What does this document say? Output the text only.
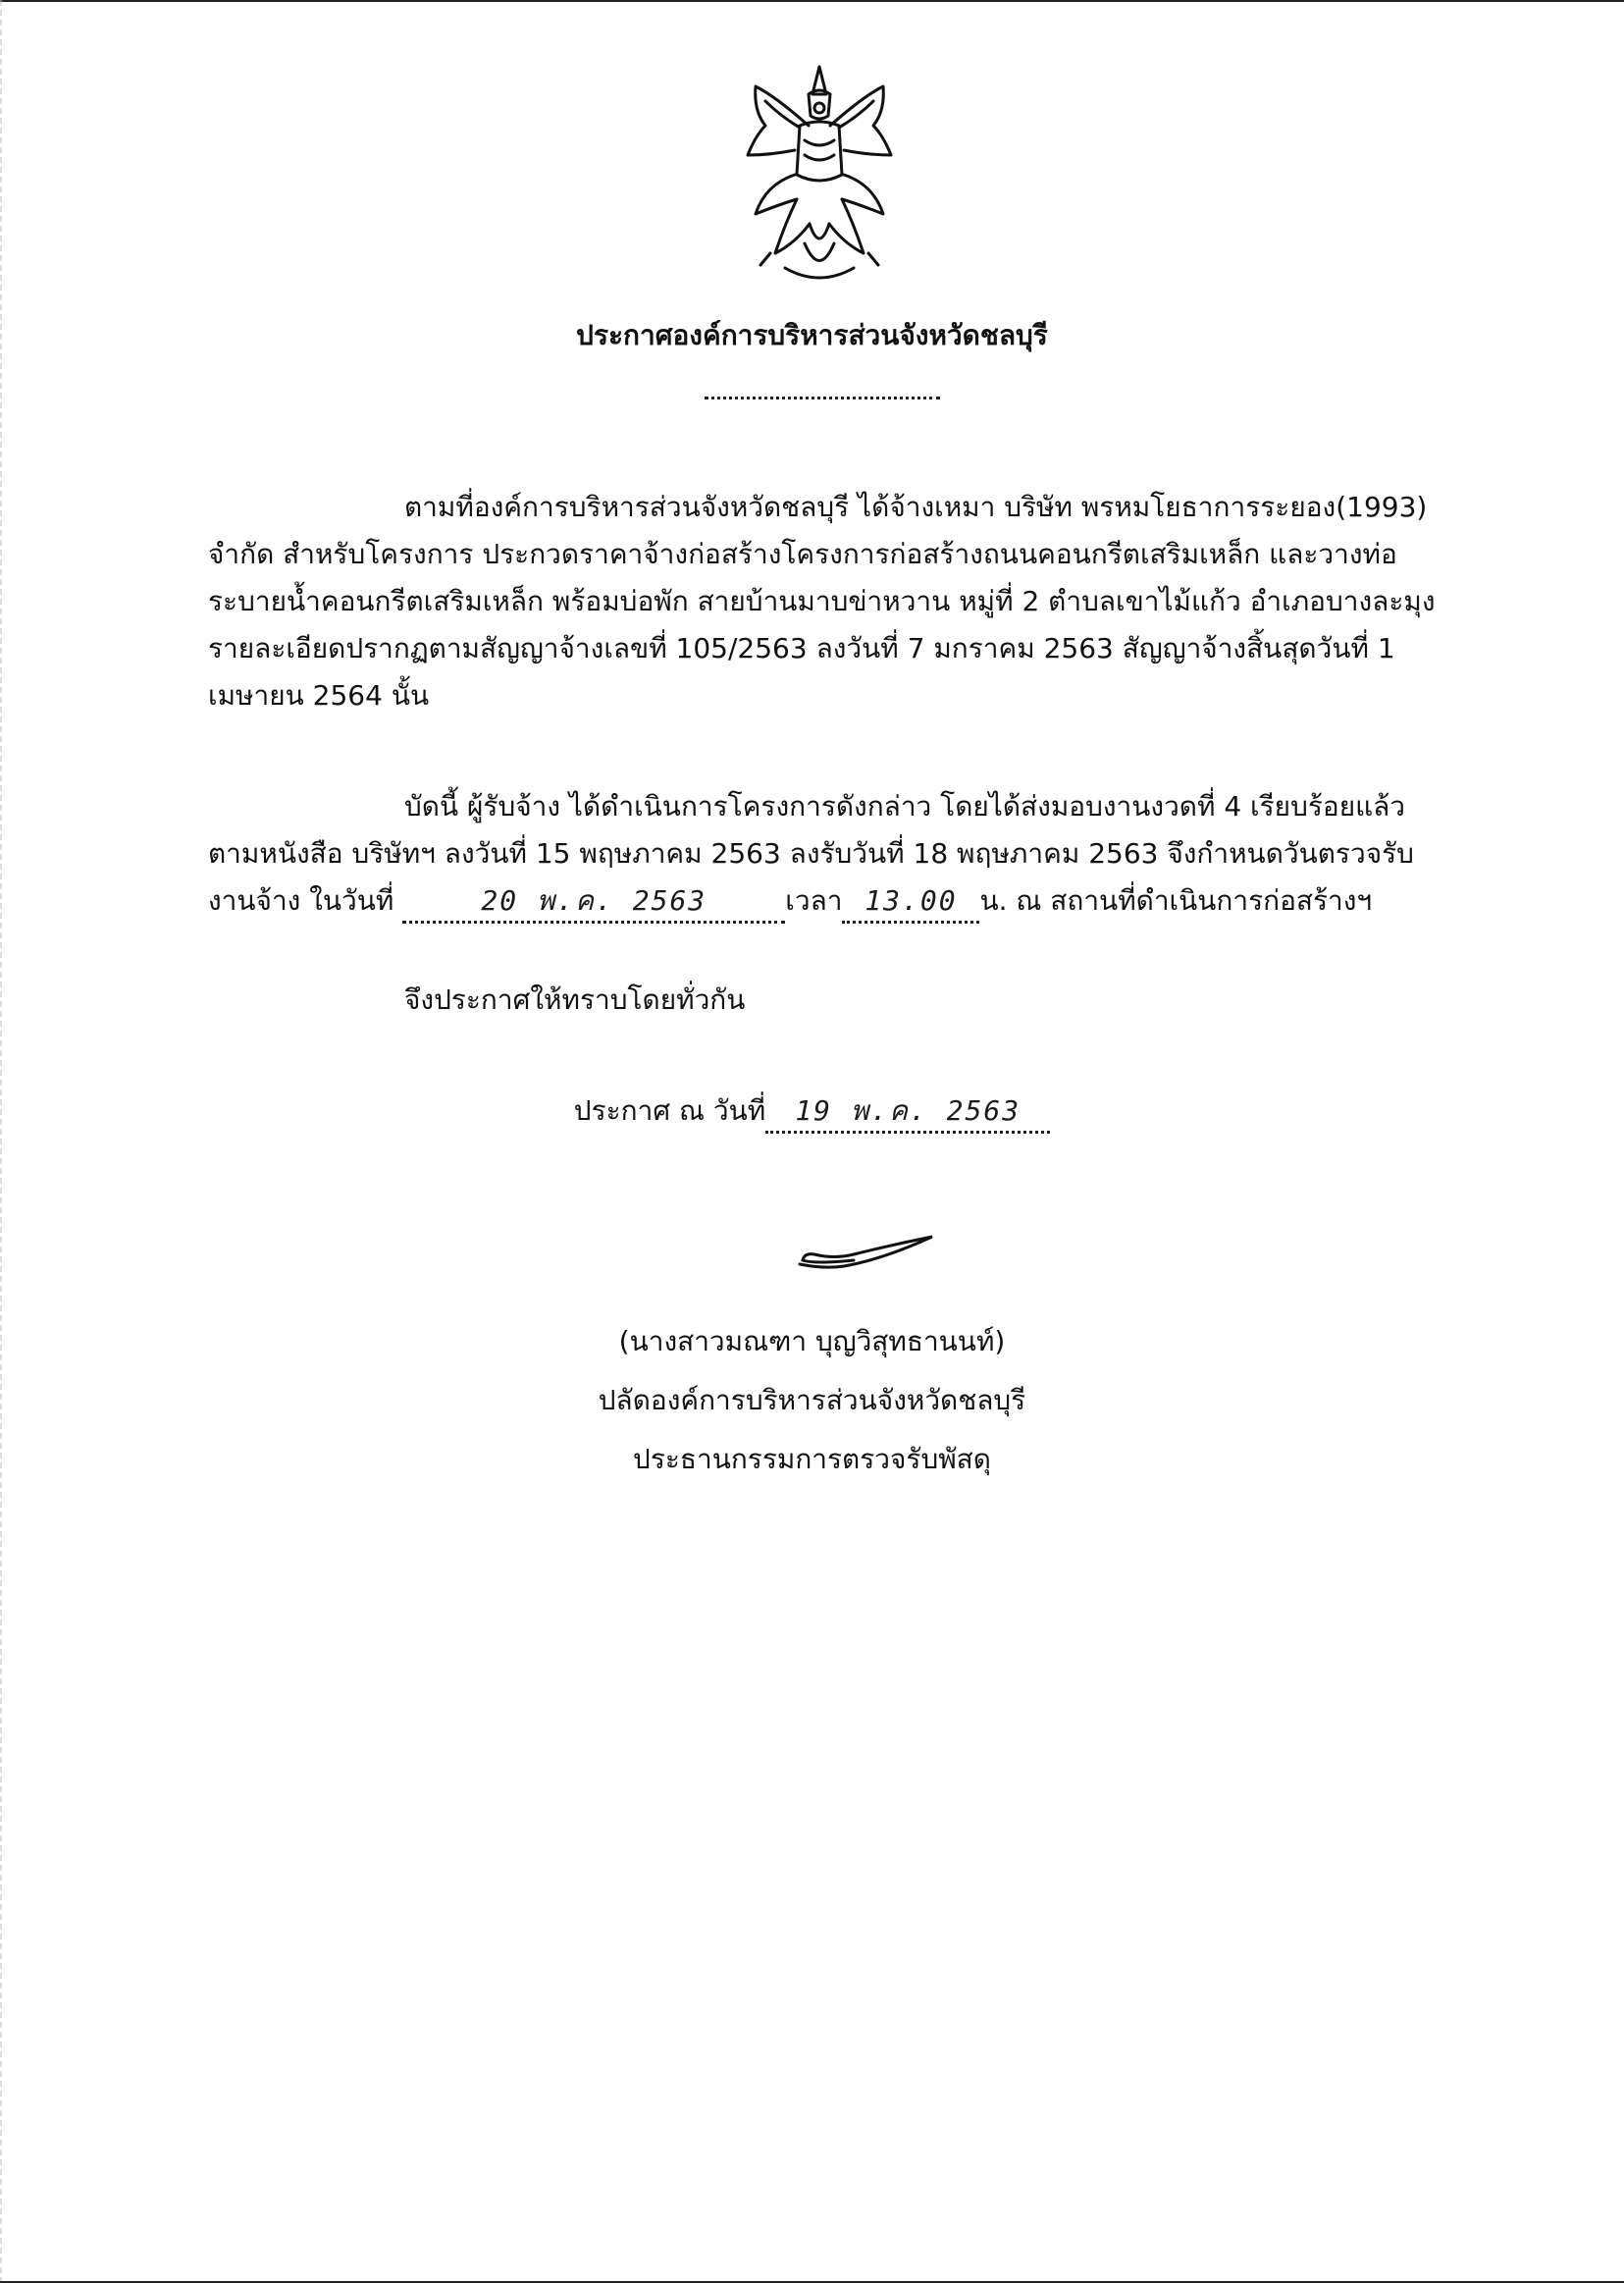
ประกาศองค์การบริหารส่วนจังหวัดชลบุรี
ตามที่องค์การบริหารส่วนจังหวัดชลบุรี ได้จ้างเหมา บริษัท พรหมโยธาการระยอง(1993)
จำกัด สำหรับโครงการ ประกวดราคาจ้างก่อสร้างโครงการก่อสร้างถนนคอนกรีตเสริมเหล็ก และวางท่อ
ระบายน้ำคอนกรีตเสริมเหล็ก พร้อมบ่อพัก สายบ้านมาบข่าหวาน หมู่ที่ 2 ตำบลเขาไม้แก้ว อำเภอบางละมุง
รายละเอียดปรากฏตามสัญญาจ้างเลขที่ 105/2563 ลงวันที่ 7 มกราคม 2563 สัญญาจ้างสิ้นสุดวันที่ 1
เมษายน 2564 นั้น
บัดนี้ ผู้รับจ้าง ได้ดำเนินการโครงการดังกล่าว โดยได้ส่งมอบงานงวดที่ 4 เรียบร้อยแล้ว
ตามหนังสือ บริษัทฯ ลงวันที่ 15 พฤษภาคม 2563 ลงรับวันที่ 18 พฤษภาคม 2563 จึงกำหนดวันตรวจรับ
งานจ้าง ในวันที่	20 พ.ค. 2563	เวลา 13.00 น. ณ สถานที่ดำเนินการก่อสร้างฯ
จึงประกาศให้ทราบโดยทั่วกัน
ประกาศ ณ วันที่ 19 พ.ค. 2563
(นางสาวมณฑา บุญวิสุทธานนท์)
ปลัดองค์การบริหารส่วนจังหวัดชลบุรี
ประธานกรรมการตรวจรับพัสดุ
